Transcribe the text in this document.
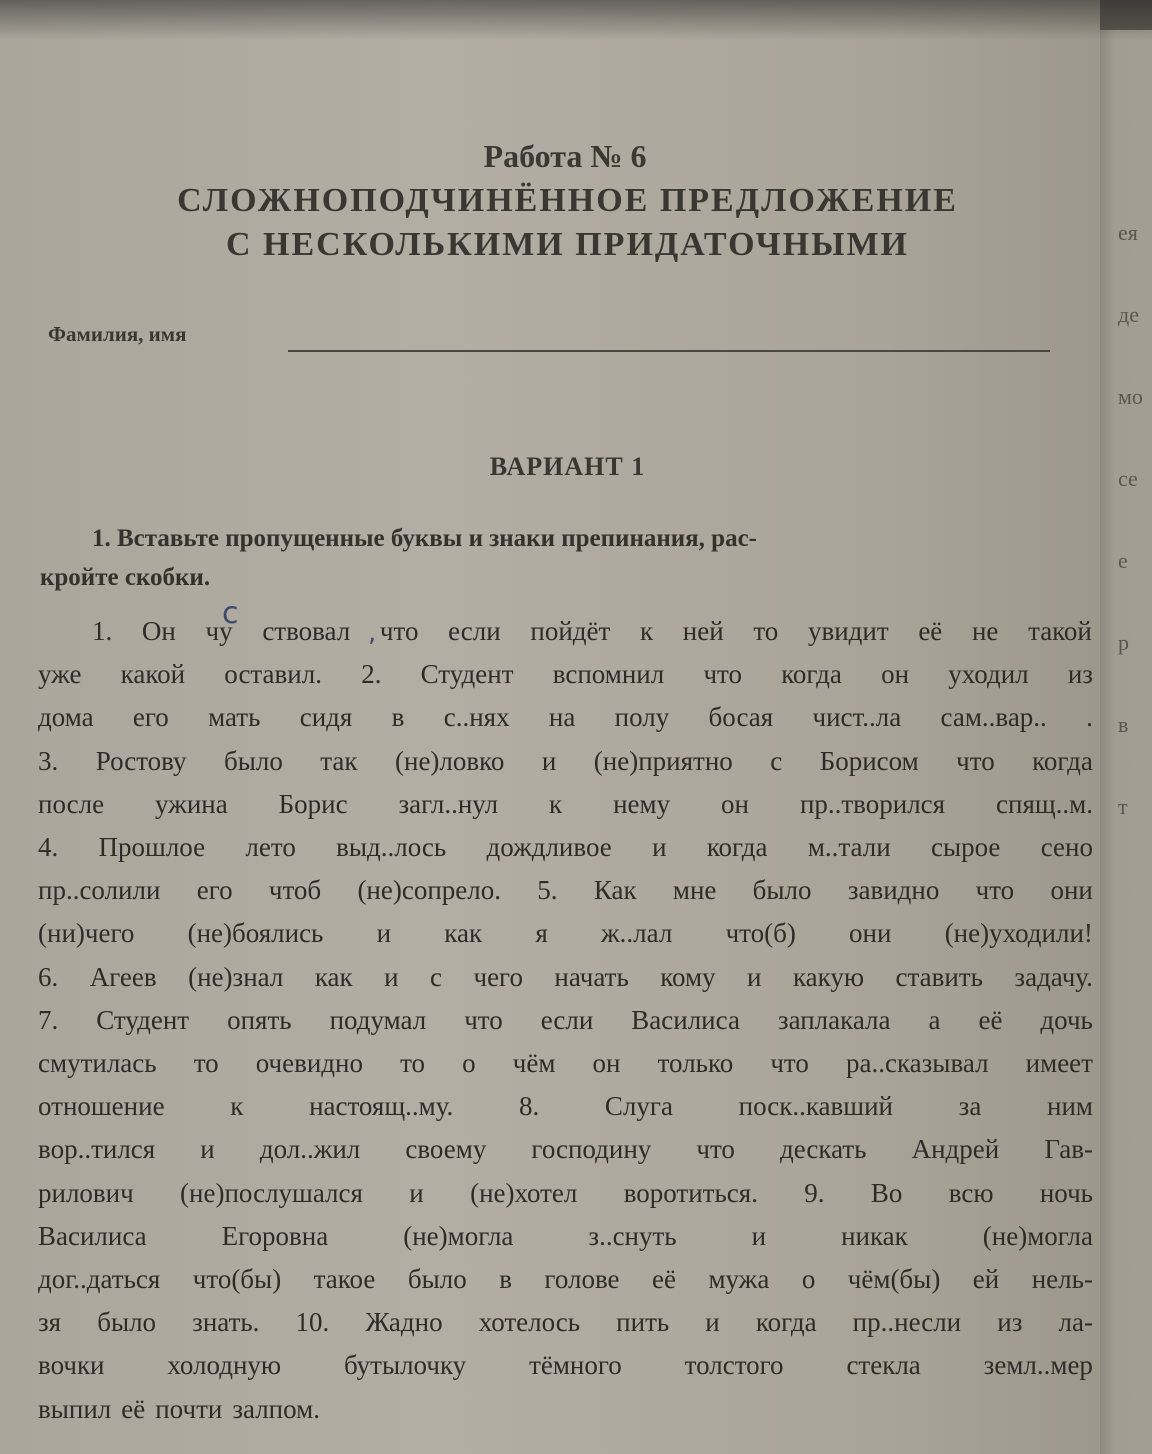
Работа № 6
СЛОЖНОПОДЧИНЁННОЕ ПРЕДЛОЖЕНИЕ
С НЕСКОЛЬКИМИ ПРИДАТОЧНЫМИ
Фамилия, имя
ВАРИАНТ 1
1. Вставьте пропущенные буквы и знаки препинания, рас-
кройте скобки.
1. Он чу ствовал что если пойдёт к ней то увидит её не такой
уже какой оставил. 2. Студент вспомнил что когда он уходил из
дома его мать сидя в с..нях на полу босая чист..ла сам..вар.. .
3. Ростову было так (не)ловко и (не)приятно с Борисом что когда
после ужина Борис загл..нул к нему он пр..творился спящ..м.
4. Прошлое лето выд..лось дождливое и когда м..тали сырое сено
пр..солили его чтоб (не)сопрело. 5. Как мне было завидно что они
(ни)чего (не)боялись и как я ж..лал что(б) они (не)уходили!
6. Агеев (не)знал как и с чего начать кому и какую ставить задачу.
7. Студент опять подумал что если Василиса заплакала а её дочь
смутилась то очевидно то о чём он только что ра..сказывал имеет
отношение к настоящ..му. 8. Слуга поск..кавший за ним
вор..тился и дол..жил своему господину что дескать Андрей Гав-
рилович (не)послушался и (не)хотел воротиться. 9. Во всю ночь
Василиса	Егоровна	(не)могла	з..снуть	и	никак	(не)могла
дог..даться что(бы) такое было в голове её мужа о чём(бы) ей нель-
зя было знать. 10. Жадно хотелось пить и когда пр..несли из ла-
вочки холодную бутылочку тёмного толстого стекла земл..мер
выпил её почти залпом.
с
,
ея
де
мо
се
е
р
в
т
